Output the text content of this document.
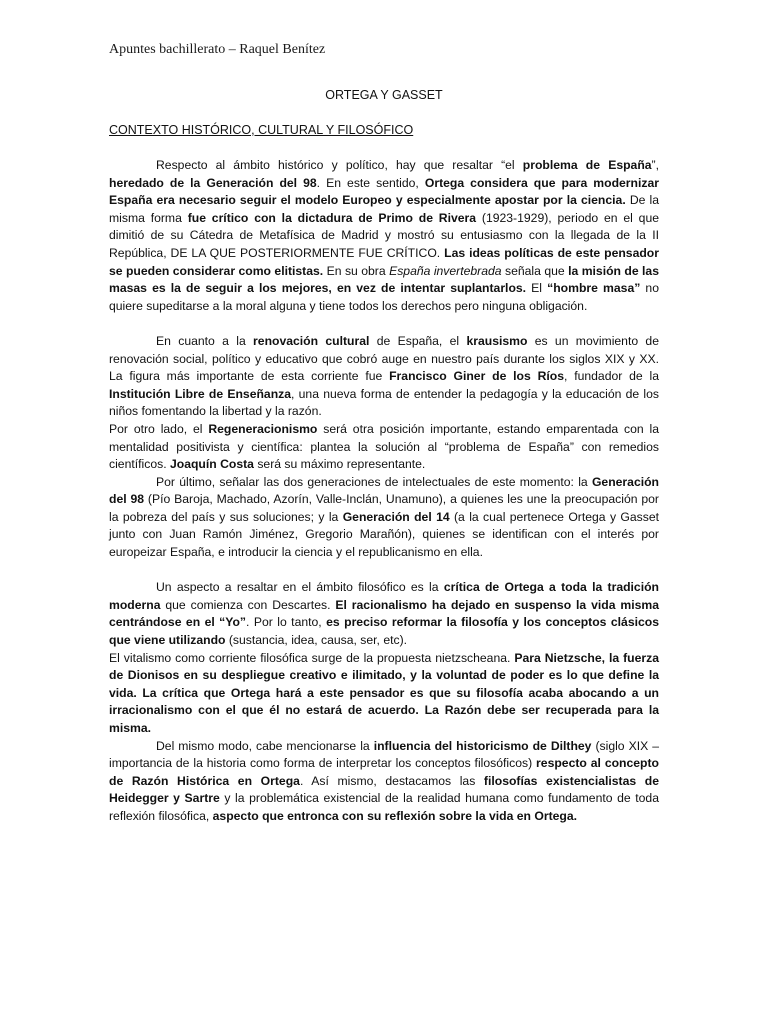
Apuntes bachillerato – Raquel Benítez
ORTEGA Y GASSET
CONTEXTO HISTÓRICO, CULTURAL Y FILOSÓFICO

Respecto al ámbito histórico y político, hay que resaltar “el problema de España”, heredado de la Generación del 98. En este sentido, Ortega considera que para modernizar España era necesario seguir el modelo Europeo y especialmente apostar por la ciencia. De la misma forma fue crítico con la dictadura de Primo de Rivera (1923-1929), periodo en el que dimitió de su Cátedra de Metafísica de Madrid y mostró su entusiasmo con la llegada de la II República, DE LA QUE POSTERIORMENTE FUE CRÍTICO. Las ideas políticas de este pensador se pueden considerar como elitistas. En su obra España invertebrada señala que la misión de las masas es la de seguir a los mejores, en vez de intentar suplantarlos. El “hombre masa” no quiere supeditarse a la moral alguna y tiene todos los derechos pero ninguna obligación.

En cuanto a la renovación cultural de España, el krausismo es un movimiento de renovación social, político y educativo que cobró auge en nuestro país durante los siglos XIX y XX. La figura más importante de esta corriente fue Francisco Giner de los Ríos, fundador de la Institución Libre de Enseñanza, una nueva forma de entender la pedagogía y la educación de los niños fomentando la libertad y la razón.

Por otro lado, el Regeneracionismo será otra posición importante, estando emparentada con la mentalidad positivista y científica: plantea la solución al “problema de España” con remedios científicos. Joaquín Costa será su máximo representante.

Por último, señalar las dos generaciones de intelectuales de este momento: la Generación del 98 (Pío Baroja, Machado, Azorín, Valle-Inclán, Unamuno), a quienes les une la preocupación por la pobreza del país y sus soluciones; y la Generación del 14 (a la cual pertenece Ortega y Gasset junto con Juan Ramón Jiménez, Gregorio Marañón), quienes se identifican con el interés por europeizar España, e introducir la ciencia y el republicanismo en ella.

Un aspecto a resaltar en el ámbito filosófico es la crítica de Ortega a toda la tradición moderna que comienza con Descartes. El racionalismo ha dejado en suspenso la vida misma centrándose en el “Yo”. Por lo tanto, es preciso reformar la filosofía y los conceptos clásicos que viene utilizando (sustancia, idea, causa, ser, etc).

El vitalismo como corriente filosófica surge de la propuesta nietzscheana. Para Nietzsche, la fuerza de Dionisos en su despliegue creativo e ilimitado, y la voluntad de poder es lo que define la vida. La crítica que Ortega hará a este pensador es que su filosofía acaba abocando a un irracionalismo con el que él no estará de acuerdo. La Razón debe ser recuperada para la misma.

Del mismo modo, cabe mencionarse la influencia del historicismo de Dilthey (siglo XIX –importancia de la historia como forma de interpretar los conceptos filosóficos) respecto al concepto de Razón Histórica en Ortega. Así mismo, destacamos las filosofías existencialistas de Heidegger y Sartre y la problemática existencial de la realidad humana como fundamento de toda reflexión filosófica, aspecto que entronca con su reflexión sobre la vida en Ortega.
